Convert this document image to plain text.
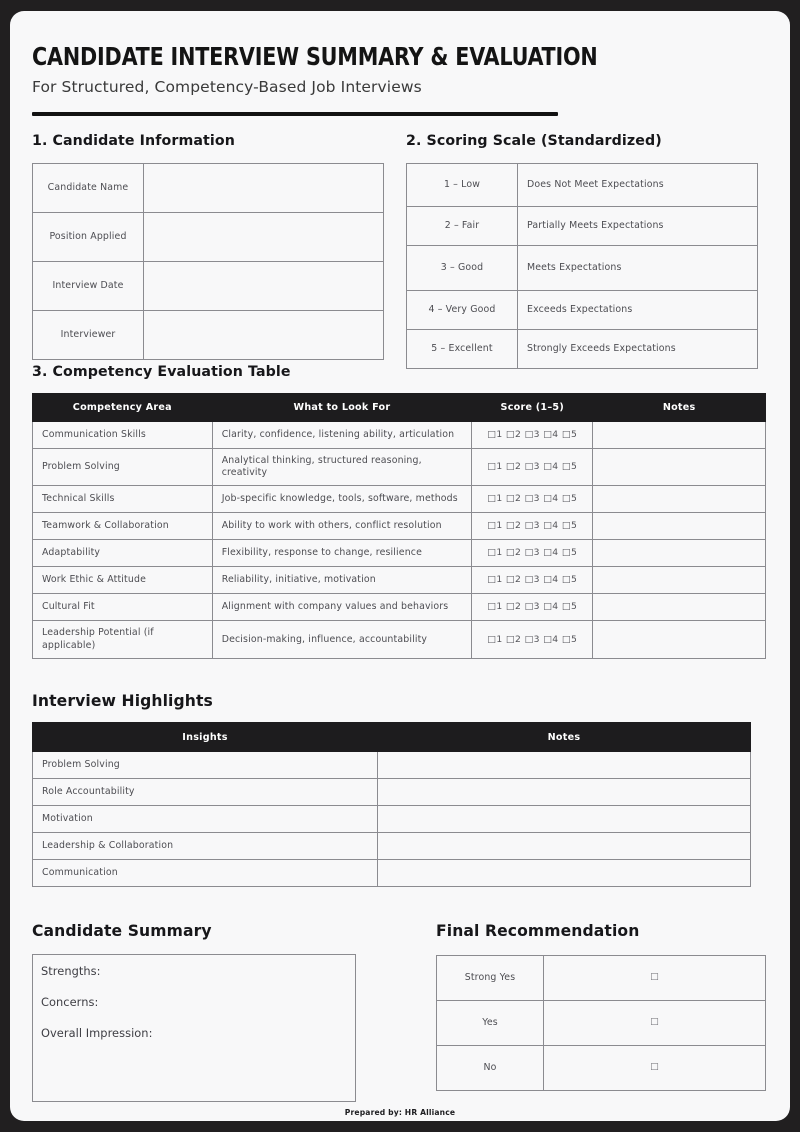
CANDIDATE INTERVIEW SUMMARY & EVALUATION

For Structured, Competency-Based Job Interviews

1. Candidate Information
Candidate Name	

Position Applied	

Interview Date	

Interviewer	

2. Scoring Scale (Standardized)
1 – Low	Does Not Meet Expectations

2 – Fair	Partially Meets Expectations

3 – Good	Meets Expectations

4 – Very Good	Exceeds Expectations

5 – Excellent	Strongly Exceeds Expectations
3. Competency Evaluation Table
Competency Area	What to Look For	Score (1–5)	Notes

Communication Skills	Clarity, confidence, listening ability, articulation	□1 □2 □3 □4 □5	

Problem Solving	Analytical thinking, structured reasoning, creativity	□1 □2 □3 □4 □5	

Technical Skills	Job-specific knowledge, tools, software, methods	□1 □2 □3 □4 □5	

Teamwork & Collaboration	Ability to work with others, conflict resolution	□1 □2 □3 □4 □5	

Adaptability	Flexibility, response to change, resilience	□1 □2 □3 □4 □5	

Work Ethic & Attitude	Reliability, initiative, motivation	□1 □2 □3 □4 □5	

Cultural Fit	Alignment with company values and behaviors	□1 □2 □3 □4 □5	

Leadership Potential (if applicable)	Decision-making, influence, accountability	□1 □2 □3 □4 □5	

Interview Highlights
Insights	Notes

Problem Solving	

Role Accountability	

Motivation	

Leadership & Collaboration	

Communication	

Candidate Summary
Strengths:
Concerns:
Overall Impression:
Final Recommendation
Strong Yes	□

Yes	□

No	□
Prepared by: HR Alliance
